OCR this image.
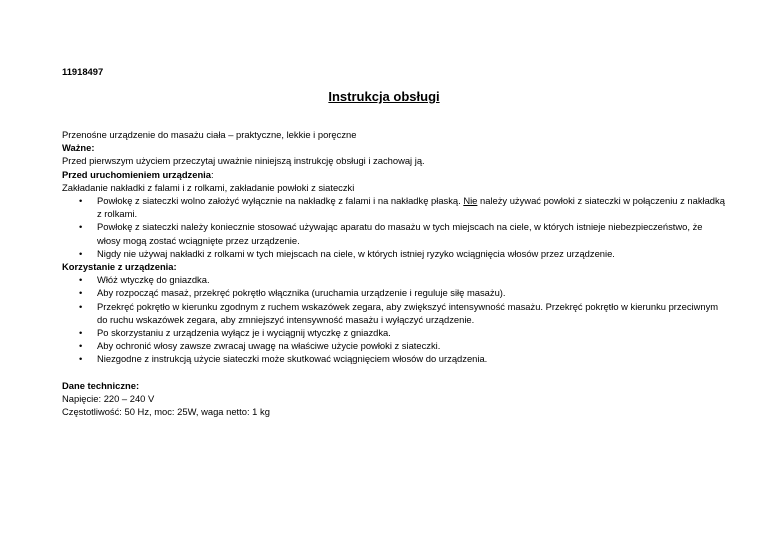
11918497
Instrukcja obsługi
Przenośne urządzenie do masażu ciała – praktyczne, lekkie i poręczne
Ważne:
Przed pierwszym użyciem przeczytaj uważnie niniejszą instrukcję obsługi i zachowaj ją.
Przed uruchomieniem urządzenia:
Zakładanie nakładki z falami i z rolkami, zakładanie powłoki z siateczki
• Powłokę z siateczki wolno założyć wyłącznie na nakładkę z falami i na nakładkę płaską. Nie należy używać powłoki z siateczki w połączeniu z nakładką
z rolkami.
• Powłokę z siateczki należy koniecznie stosować używając aparatu do masażu w tych miejscach na ciele, w których istnieje niebezpieczeństwo, że
włosy mogą zostać wciągnięte przez urządzenie.
• Nigdy nie używaj nakładki z rolkami w tych miejscach na ciele, w których istniej ryzyko wciągnięcia włosów przez urządzenie.
Korzystanie z urządzenia:
• Włóż wtyczkę do gniazdka.
• Aby rozpocząć masaż, przekręć pokrętło włącznika (uruchamia urządzenie i reguluje siłę masażu).
• Przekręć pokrętło w kierunku zgodnym z ruchem wskazówek zegara, aby zwiększyć intensywność masażu. Przekręć pokrętło w kierunku przeciwnym
do ruchu wskazówek zegara, aby zmniejszyć intensywność masażu i wyłączyć urządzenie.
• Po skorzystaniu z urządzenia wyłącz je i wyciągnij wtyczkę z gniazdka.
• Aby ochronić włosy zawsze zwracaj uwagę na właściwe użycie powłoki z siateczki.
• Niezgodne z instrukcją użycie siateczki może skutkować wciągnięciem włosów do urządzenia.
Dane techniczne:
Napięcie: 220 – 240 V
Częstotliwość: 50 Hz, moc: 25W, waga netto: 1 kg
